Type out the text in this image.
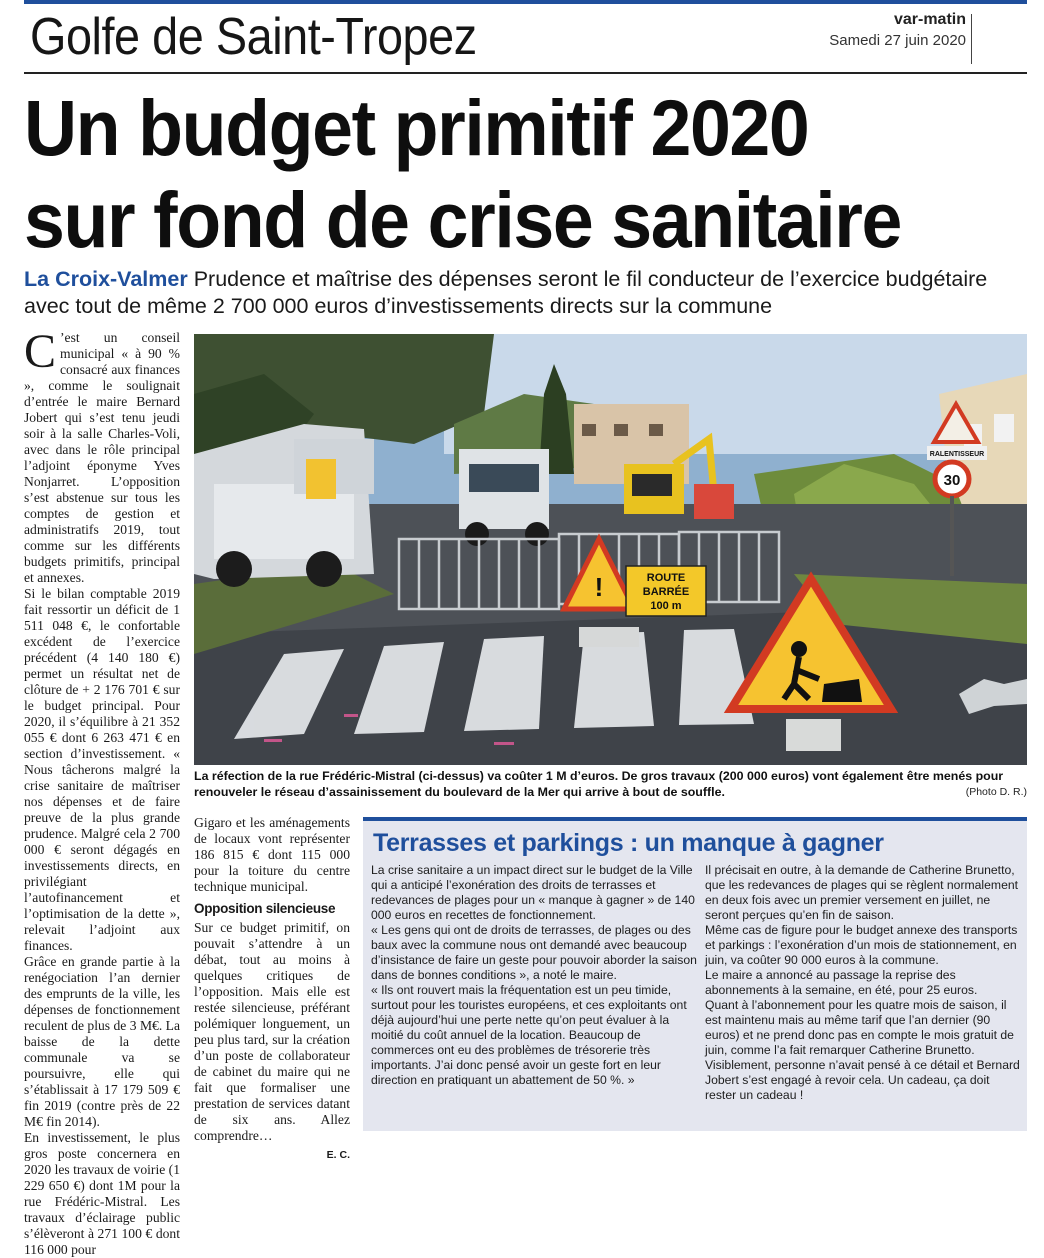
Golfe de Saint-Tropez	var-matin
Samedi 27 juin 2020
Un budget primitif 2020
sur fond de crise sanitaire
La Croix-Valmer Prudence et maîtrise des dépenses seront le fil conducteur de l’exercice budgétaire avec tout de même 2 700 000 euros d’investissements directs sur la commune

C ’est un conseil municipal « à 90 % consacré aux finances », comme le soulignait d’entrée le maire Bernard Jobert qui s’est tenu jeudi soir à la salle Charles-Voli, avec dans le rôle principal l’adjoint éponyme Yves Nonjarret. L’opposition s’est abstenue sur tous les comptes de gestion et administratifs 2019, tout comme sur les différents budgets primitifs, principal et annexes.

Si le bilan comptable 2019 fait ressortir un déficit de 1 511 048 €, le confortable excédent de l’exercice précédent (4 140 180 €) permet un résultat net de clôture de + 2 176 701 € sur le budget principal. Pour 2020, il s’équilibre à 21 352 055 € dont 6 263 471 € en section d’investissement. « Nous tâcherons malgré la crise sanitaire de maîtriser nos dépenses et de faire preuve de la plus grande prudence. Malgré cela 2 700 000 € seront dégagés en investissements directs, en privilégiant l’autofinancement et l’optimisation de la dette », relevait l’adjoint aux finances.

Grâce en grande partie à la renégociation l’an dernier des emprunts de la ville, les dépenses de fonctionnement reculent de plus de 3 M€. La baisse de la dette communale va se poursuivre, elle qui s’établissait à 17 179 509 € fin 2019 (contre près de 22 M€ fin 2014).

En investissement, le plus gros poste concernera en 2020 les travaux de voirie (1 229 650 €) dont 1M pour la rue Frédéric-Mistral. Les travaux d’éclairage public s’élèveront à 271 100 € dont 116 000 pour

!	ROUTE
BARRÉE
100 m
RALENTISSEUR
30
La réfection de la rue Frédéric-Mistral (ci-dessus) va coûter 1 M d’euros. De gros travaux (200 000 euros) vont également être menés pour renouveler le réseau d’assainissement du boulevard de la Mer qui arrive à bout de souffle.	(Photo D. R.)

Gigaro et les aménagements de locaux vont représenter 186 815 € dont 115 000 pour la toiture du centre technique municipal.

Opposition silencieuse

Sur ce budget primitif, on pouvait s’attendre à un débat, tout au moins à quelques critiques de l’opposition. Mais elle est restée silencieuse, préférant polémiquer longuement, un peu plus tard, sur la création d’un poste de collaborateur de cabinet du maire qui ne fait que formaliser une prestation de services datant de six ans. Allez comprendre…

E. C.

Terrasses et parkings : un manque à gagner

La crise sanitaire a un impact direct sur le budget de la Ville qui a anticipé l’exonération des droits de terrasses et redevances de plages pour un « manque à gagner » de 140 000 euros en recettes de fonctionnement.

« Les gens qui ont de droits de terrasses, de plages ou des baux avec la commune nous ont demandé avec beaucoup d’insistance de faire un geste pour pouvoir aborder la saison dans de bonnes conditions », a noté le maire.

« Ils ont rouvert mais la fréquentation est un peu timide, surtout pour les touristes européens, et ces exploitants ont déjà aujourd’hui une perte nette qu’on peut évaluer à la moitié du coût annuel de la location. Beaucoup de commerces ont eu des problèmes de trésorerie très importants. J’ai donc pensé avoir un geste fort en leur direction en pratiquant un abattement de 50 %. »

Il précisait en outre, à la demande de Catherine Brunetto, que les redevances de plages qui se règlent normalement en deux fois avec un premier versement en juillet, ne seront perçues qu’en fin de saison.

Même cas de figure pour le budget annexe des transports et parkings : l’exonération d’un mois de stationnement, en juin, va coûter 90 000 euros à la commune.

Le maire a annoncé au passage la reprise des abonnements à la semaine, en été, pour 25 euros.

Quant à l’abonnement pour les quatre mois de saison, il est maintenu mais au même tarif que l’an dernier (90 euros) et ne prend donc pas en compte le mois gratuit de juin, comme l’a fait remarquer Catherine Brunetto. Visiblement, personne n’avait pensé à ce détail et Bernard Jobert s’est engagé à revoir cela. Un cadeau, ça doit rester un cadeau !
